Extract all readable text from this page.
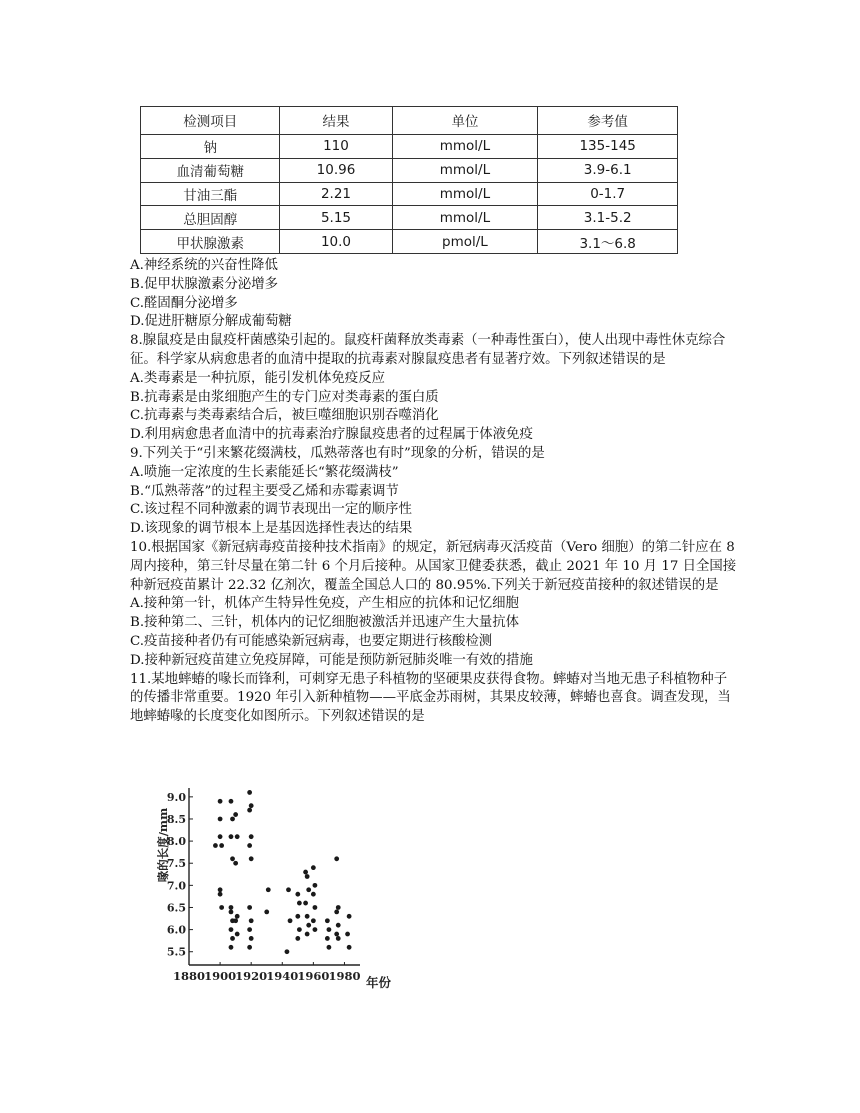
检测项目	结果	单位	参考值
钠	110	mmol/L	135-145
血清葡萄糖	10.96	mmol/L	3.9-6.1
甘油三酯	2.21	mmol/L	0-1.7
总胆固醇	5.15	mmol/L	3.1-5.2
甲状腺激素	10.0	pmol/L	3.1～6.8

A.神经系统的兴奋性降低

B.促甲状腺激素分泌增多

C.醛固酮分泌增多

D.促进肝糖原分解成葡萄糖

8.腺鼠疫是由鼠疫杆菌感染引起的。鼠疫杆菌释放类毒素（一种毒性蛋白），使人出现中毒性休克综合征。科学家从病愈患者的血清中提取的抗毒素对腺鼠疫患者有显著疗效。下列叙述错误的是

A.类毒素是一种抗原，能引发机体免疫反应

B.抗毒素是由浆细胞产生的专门应对类毒素的蛋白质

C.抗毒素与类毒素结合后，被巨噬细胞识别吞噬消化

D.利用病愈患者血清中的抗毒素治疗腺鼠疫患者的过程属于体液免疫

9.下列关于“引来繁花缀满枝，瓜熟蒂落也有时”现象的分析，错误的是

A.喷施一定浓度的生长素能延长“繁花缀满枝”

B.“瓜熟蒂落”的过程主要受乙烯和赤霉素调节

C.该过程不同种激素的调节表现出一定的顺序性

D.该现象的调节根本上是基因选择性表达的结果

10.根据国家《新冠病毒疫苗接种技术指南》的规定，新冠病毒灭活疫苗（Vero 细胞）的第二针应在 8 周内接种，第三针尽量在第二针 6 个月后接种。从国家卫健委获悉，截止 2021 年 10 月 17 日全国接种新冠疫苗累计 22.32 亿剂次，覆盖全国总人口的 80.95%.下列关于新冠疫苗接种的叙述错误的是

A.接种第一针，机体产生特异性免疫，产生相应的抗体和记忆细胞

B.接种第二、三针，机体内的记忆细胞被激活并迅速产生大量抗体

C.疫苗接种者仍有可能感染新冠病毒，也要定期进行核酸检测

D.接种新冠疫苗建立免疫屏障，可能是预防新冠肺炎唯一有效的措施

11.某地蟀蝽的喙长而锋利，可刺穿无患子科植物的坚硬果皮获得食物。蟀蝽对当地无患子科植物种子的传播非常重要。1920 年引入新种植物——平底金苏雨树，其果皮较薄，蟀蝽也喜食。调查发现，当地蟀蝽喙的长度变化如图所示。下列叙述错误的是

喙的长度/mm
年份
5.5
6.0
6.5
7.0
7.5
8.0
8.5
9.0
1880 1900 1920 1940 1960 1980
